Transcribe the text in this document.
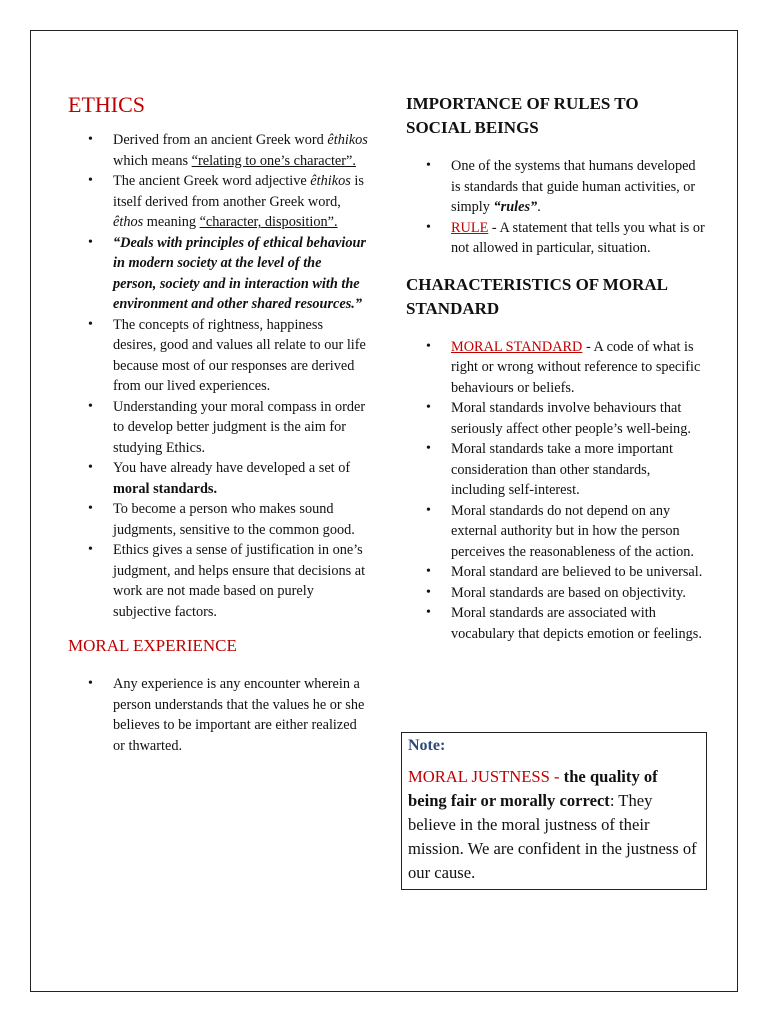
ETHICS
• Derived from an ancient Greek word êthikos which means “relating to one’s character”.
• The ancient Greek word adjective êthikos is itself derived from another Greek word, êthos meaning “character, disposition”.
• “Deals with principles of ethical behaviour in modern society at the level of the person, society and in interaction with the environment and other shared resources.”
• The concepts of rightness, happiness desires, good and values all relate to our life because most of our responses are derived from our lived experiences.
• Understanding your moral compass in order to develop better judgment is the aim for studying Ethics.
• You have already have developed a set of moral standards.
• To become a person who makes sound judgments, sensitive to the common good.
• Ethics gives a sense of justification in one’s judgment, and helps ensure that decisions at work are not made based on purely subjective factors.
MORAL EXPERIENCE
• Any experience is any encounter wherein a person understands that the values he or she believes to be important are either realized or thwarted.
IMPORTANCE OF RULES TO SOCIAL BEINGS
• One of the systems that humans developed is standards that guide human activities, or simply “rules”.
• RULE - A statement that tells you what is or not allowed in particular, situation.
CHARACTERISTICS OF MORAL STANDARD
• MORAL STANDARD - A code of what is right or wrong without reference to specific behaviours or beliefs.
• Moral standards involve behaviours that seriously affect other people’s well-being.
• Moral standards take a more important consideration than other standards, including self-interest.
• Moral standards do not depend on any external authority but in how the person perceives the reasonableness of the action.
• Moral standard are believed to be universal.
• Moral standards are based on objectivity.
• Moral standards are associated with vocabulary that depicts emotion or feelings.
Note:
MORAL JUSTNESS - the quality of being fair or morally correct: They believe in the moral justness of their mission. We are confident in the justness of our cause.
